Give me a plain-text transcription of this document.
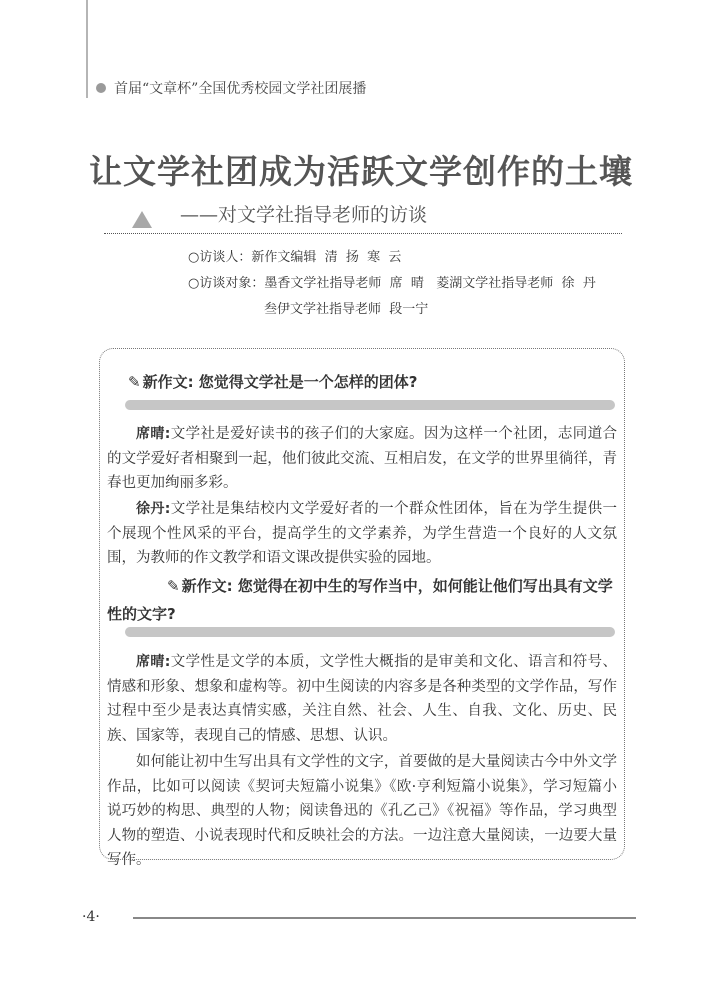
首届“文章杯”全国优秀校园文学社团展播
让文学社团成为活跃文学创作的土壤
——对文学社指导老师的访谈
○访谈人：新作文编辑  清  扬  寒  云
○访谈对象：墨香文学社指导老师  席  晴   菱湖文学社指导老师  徐  丹
叁伊文学社指导老师  段一宁
✎ 新作文: 您觉得文学社是一个怎样的团体?
席晴:文学社是爱好读书的孩子们的大家庭。因为这样一个社团，志同道合的文学爱好者相聚到一起，他们彼此交流、互相启发，在文学的世界里徜徉，青春也更加绚丽多彩。
徐丹:文学社是集结校内文学爱好者的一个群众性团体，旨在为学生提供一个展现个性风采的平台，提高学生的文学素养，为学生营造一个良好的人文氛围，为教师的作文教学和语文课改提供实验的园地。
✎ 新作文: 您觉得在初中生的写作当中，如何能让他们写出具有文学性的文字?
席晴:文学性是文学的本质，文学性大概指的是审美和文化、语言和符号、情感和形象、想象和虚构等。初中生阅读的内容多是各种类型的文学作品，写作过程中至少是表达真情实感，关注自然、社会、人生、自我、文化、历史、民族、国家等，表现自己的情感、思想、认识。
如何能让初中生写出具有文学性的文字，首要做的是大量阅读古今中外文学作品，比如可以阅读《契诃夫短篇小说集》《欧·亨利短篇小说集》，学习短篇小说巧妙的构思、典型的人物；阅读鲁迅的《孔乙己》《祝福》等作品，学习典型人物的塑造、小说表现时代和反映社会的方法。一边注意大量阅读，一边要大量写作。
·4·
